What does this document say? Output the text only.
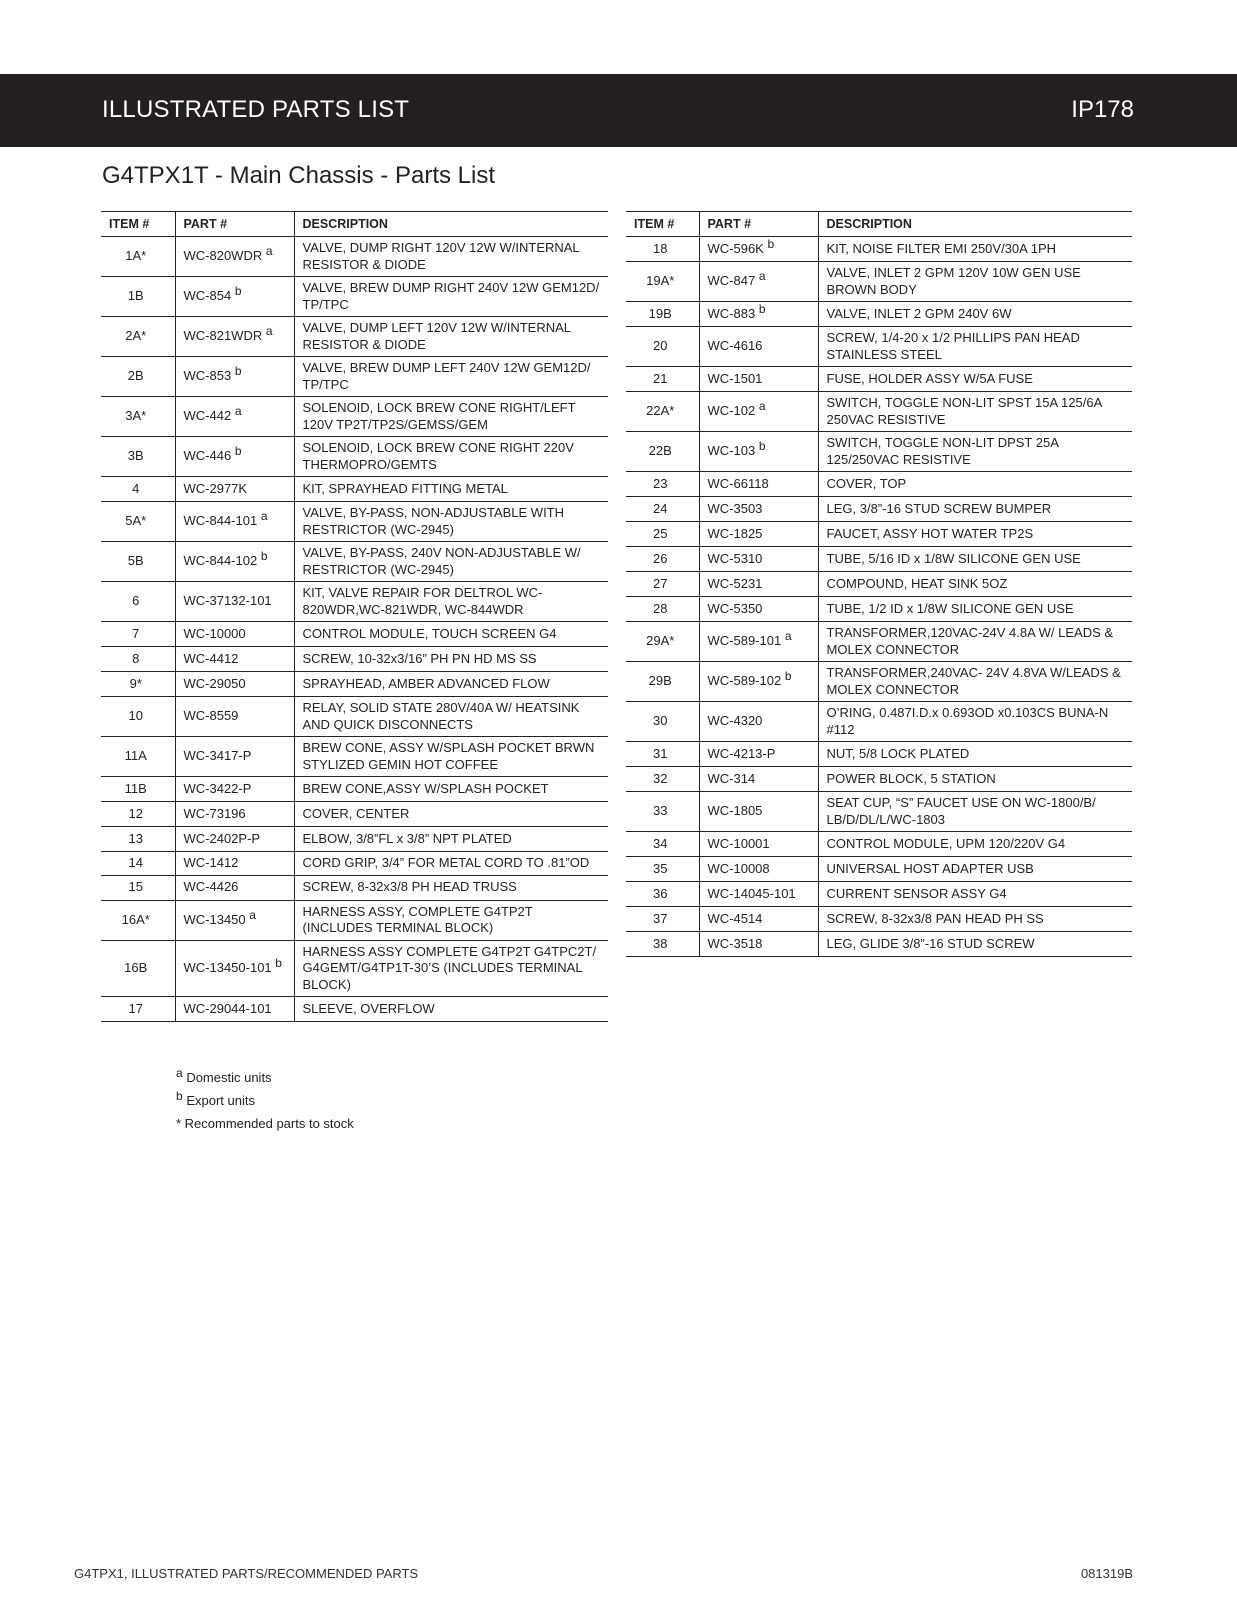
ILLUSTRATED PARTS LIST	IP178
G4TPX1T - Main Chassis - Parts List
ITEM #	PART #	DESCRIPTION
1A*	WC-820WDR $^a$	VALVE, DUMP RIGHT 120V 12W W/INTERNAL RESISTOR & DIODE
1B	WC-854 $^b$	VALVE, BREW DUMP RIGHT 240V 12W GEM12D/ TP/TPC
2A*	WC-821WDR $^a$	VALVE, DUMP LEFT 120V 12W W/INTERNAL RESISTOR & DIODE
2B	WC-853 $^b$	VALVE, BREW DUMP LEFT 240V 12W GEM12D/ TP/TPC
3A*	WC-442 $^a$	SOLENOID, LOCK BREW CONE RIGHT/LEFT 120V TP2T/TP2S/GEMSS/GEM
3B	WC-446 $^b$	SOLENOID, LOCK BREW CONE RIGHT 220V THERMOPRO/GEMTS
4	WC-2977K	KIT, SPRAYHEAD FITTING METAL
5A*	WC-844-101 $^a$	VALVE, BY-PASS, NON-ADJUSTABLE WITH RESTRICTOR (WC-2945)
5B	WC-844-102 $^b$	VALVE, BY-PASS, 240V NON-ADJUSTABLE W/ RESTRICTOR (WC-2945)
6	WC-37132-101	KIT, VALVE REPAIR FOR DELTROL WC-820WDR,WC-821WDR, WC-844WDR
7	WC-10000	CONTROL MODULE, TOUCH SCREEN G4
8	WC-4412	SCREW, 10-32x3/16” PH PN HD MS SS
9*	WC-29050	SPRAYHEAD, AMBER ADVANCED FLOW
10	WC-8559	RELAY, SOLID STATE 280V/40A W/ HEATSINK AND QUICK DISCONNECTS
11A	WC-3417-P	BREW CONE, ASSY W/SPLASH POCKET BRWN STYLIZED GEMIN HOT COFFEE
11B	WC-3422-P	BREW CONE,ASSY W/SPLASH POCKET
12	WC-73196	COVER, CENTER
13	WC-2402P-P	ELBOW, 3/8”FL x 3/8” NPT PLATED
14	WC-1412	CORD GRIP, 3/4” FOR METAL CORD TO .81”OD
15	WC-4426	SCREW, 8-32x3/8 PH HEAD TRUSS
16A*	WC-13450 $^a$	HARNESS ASSY, COMPLETE G4TP2T (INCLUDES TERMINAL BLOCK)
16B	WC-13450-101 $^b$	HARNESS ASSY COMPLETE G4TP2T G4TPC2T/ G4GEMT/G4TP1T-30’S (INCLUDES TERMINAL BLOCK)
17	WC-29044-101	SLEEVE, OVERFLOW
ITEM #	PART #	DESCRIPTION
18	WC-596K $^b$	KIT, NOISE FILTER EMI 250V/30A 1PH
19A*	WC-847 $^a$	VALVE, INLET 2 GPM 120V 10W GEN USE BROWN BODY
19B	WC-883 $^b$	VALVE, INLET 2 GPM 240V 6W
20	WC-4616	SCREW, 1/4-20 x 1/2 PHILLIPS PAN HEAD STAINLESS STEEL
21	WC-1501	FUSE, HOLDER ASSY W/5A FUSE
22A*	WC-102 $^a$	SWITCH, TOGGLE NON-LIT SPST 15A 125/6A 250VAC RESISTIVE
22B	WC-103 $^b$	SWITCH, TOGGLE NON-LIT DPST 25A 125/250VAC RESISTIVE
23	WC-66118	COVER, TOP
24	WC-3503	LEG, 3/8”-16 STUD SCREW BUMPER
25	WC-1825	FAUCET, ASSY HOT WATER TP2S
26	WC-5310	TUBE, 5/16 ID x 1/8W SILICONE GEN USE
27	WC-5231	COMPOUND, HEAT SINK 5OZ
28	WC-5350	TUBE, 1/2 ID x 1/8W SILICONE GEN USE
29A*	WC-589-101 $^a$	TRANSFORMER,120VAC-24V 4.8A W/ LEADS & MOLEX CONNECTOR
29B	WC-589-102 $^b$	TRANSFORMER,240VAC- 24V 4.8VA W/LEADS & MOLEX CONNECTOR
30	WC-4320	O’RING, 0.487I.D.x 0.693OD x0.103CS BUNA-N #112
31	WC-4213-P	NUT, 5/8 LOCK PLATED
32	WC-314	POWER BLOCK, 5 STATION
33	WC-1805	SEAT CUP, “S” FAUCET USE ON WC-1800/B/ LB/D/DL/L/WC-1803
34	WC-10001	CONTROL MODULE, UPM 120/220V G4
35	WC-10008	UNIVERSAL HOST ADAPTER USB
36	WC-14045-101	CURRENT SENSOR ASSY G4
37	WC-4514	SCREW, 8-32x3/8 PAN HEAD PH SS
38	WC-3518	LEG, GLIDE 3/8”-16 STUD SCREW
$^a$ Domestic units
$^b$ Export units
* Recommended parts to stock
G4TPX1, ILLUSTRATED PARTS/RECOMMENDED PARTS	081319B
